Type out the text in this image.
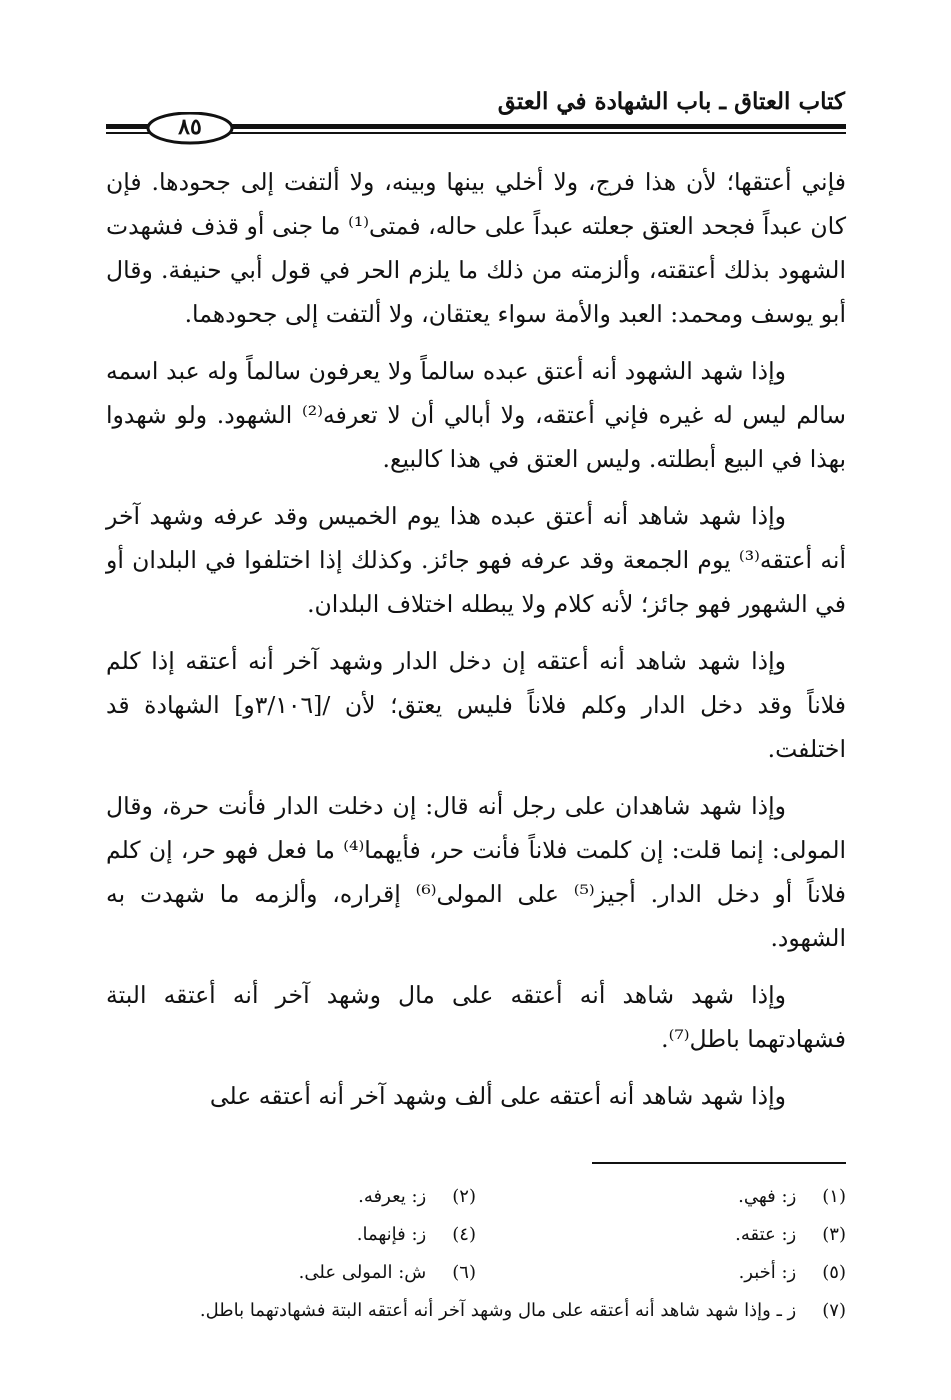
كتاب العتاق ـ باب الشهادة في العتق
٨٥

فإني أعتقها؛ لأن هذا فرج، ولا أخلي بينها وبينه، ولا ألتفت إلى جحودها. فإن كان عبداً فجحد العتق جعلته عبداً على حاله، فمتى⁽¹⁾ ما جنى أو قذف فشهدت الشهود بذلك أعتقته، وألزمته من ذلك ما يلزم الحر في قول أبي حنيفة. وقال أبو يوسف ومحمد: العبد والأمة سواء يعتقان، ولا ألتفت إلى جحودهما.

وإذا شهد الشهود أنه أعتق عبده سالماً ولا يعرفون سالماً وله عبد اسمه سالم ليس له غيره فإني أعتقه، ولا أبالي أن لا تعرفه⁽²⁾ الشهود. ولو شهدوا بهذا في البيع أبطلته. وليس العتق في هذا كالبيع.

وإذا شهد شاهد أنه أعتق عبده هذا يوم الخميس وقد عرفه وشهد آخر أنه أعتقه⁽³⁾ يوم الجمعة وقد عرفه فهو جائز. وكذلك إذا اختلفوا في البلدان أو في الشهور فهو جائز؛ لأنه كلام ولا يبطله اختلاف البلدان.

وإذا شهد شاهد أنه أعتقه إن دخل الدار وشهد آخر أنه أعتقه إذا كلم فلاناً وقد دخل الدار وكلم فلاناً فليس يعتق؛ لأن /[٣/١٠٦و] الشهادة قد اختلفت.

وإذا شهد شاهدان على رجل أنه قال: إن دخلت الدار فأنت حرة، وقال المولى: إنما قلت: إن كلمت فلاناً فأنت حر، فأيهما⁽⁴⁾ ما فعل فهو حر، إن كلم فلاناً أو دخل الدار. أجيز⁽⁵⁾ على المولى⁽⁶⁾ إقراره، وألزمه ما شهدت به الشهود.

وإذا شهد شاهد أنه أعتقه على مال وشهد آخر أنه أعتقه البتة فشهادتهما باطل⁽⁷⁾.

وإذا شهد شاهد أنه أعتقه على ألف وشهد آخر أنه أعتقه على

(١) ز: فهي.
(٢) ز: يعرفه.
(٣) ز: عتقه.
(٤) ز: فإنهما.
(٥) ز: أخبر.
(٦) ش: المولى على.
(٧) ز ـ وإذا شهد شاهد أنه أعتقه على مال وشهد آخر أنه أعتقه البتة فشهادتهما باطل.
